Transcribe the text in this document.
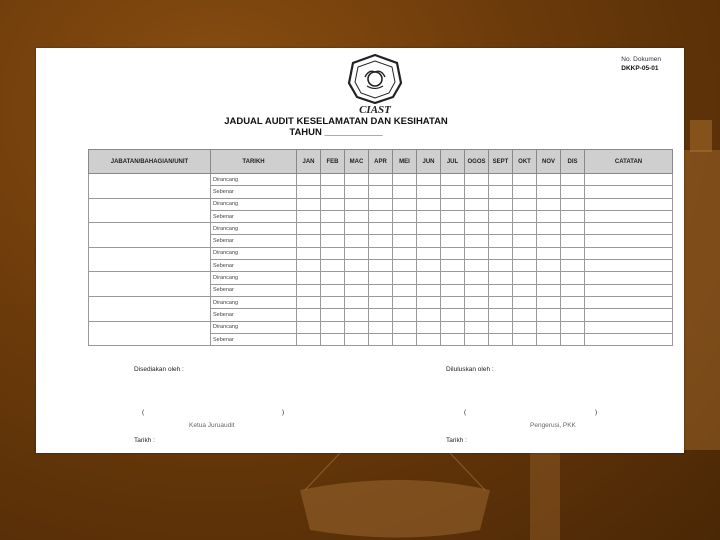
No. Dokumen
DKKP-05-01
CIAST
JADUAL AUDIT KESELAMATAN DAN KESIHATAN
TAHUN ___________
JABATAN/BAHAGIAN/UNIT	TARIKH	JAN	FEB	MAC	APR	MEI	JUN	JUL	OGOS	SEPT	OKT	NOV	DIS	CATATAN
	Dirancang													
	Sebenar													
	Dirancang													
	Sebenar													
	Dirancang													
	Sebenar													
	Dirancang													
	Sebenar													
	Dirancang													
	Sebenar													
	Dirancang													
	Sebenar													
	Dirancang													
	Sebenar													
Disediakan oleh :	Diluluskan oleh :
(	)	(	)
Ketua Juruaudit	Pengerusi, PKK
Tarikh :	Tarikh :
